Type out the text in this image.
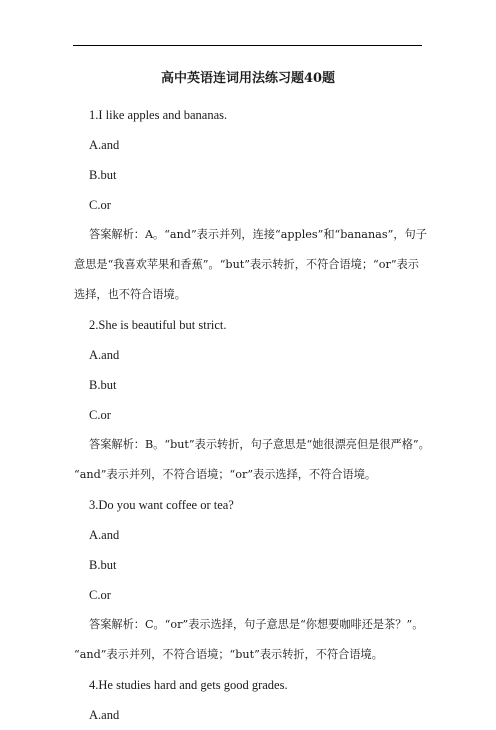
高中英语连词用法练习题40题
1.I like apples and bananas.
A.and
B.but
C.or
答案解析：A。“and”表示并列，连接“apples”和“bananas”，句子
意思是“我喜欢苹果和香蕉”。“but”表示转折，不符合语境；“or”表示
选择，也不符合语境。
2.She is beautiful but strict.
A.and
B.but
C.or
答案解析：B。“but”表示转折，句子意思是“她很漂亮但是很严格”。
“and”表示并列，不符合语境；“or”表示选择，不符合语境。
3.Do you want coffee or tea?
A.and
B.but
C.or
答案解析：C。“or”表示选择，句子意思是“你想要咖啡还是茶？”。
“and”表示并列，不符合语境；“but”表示转折，不符合语境。
4.He studies hard and gets good grades.
A.and
